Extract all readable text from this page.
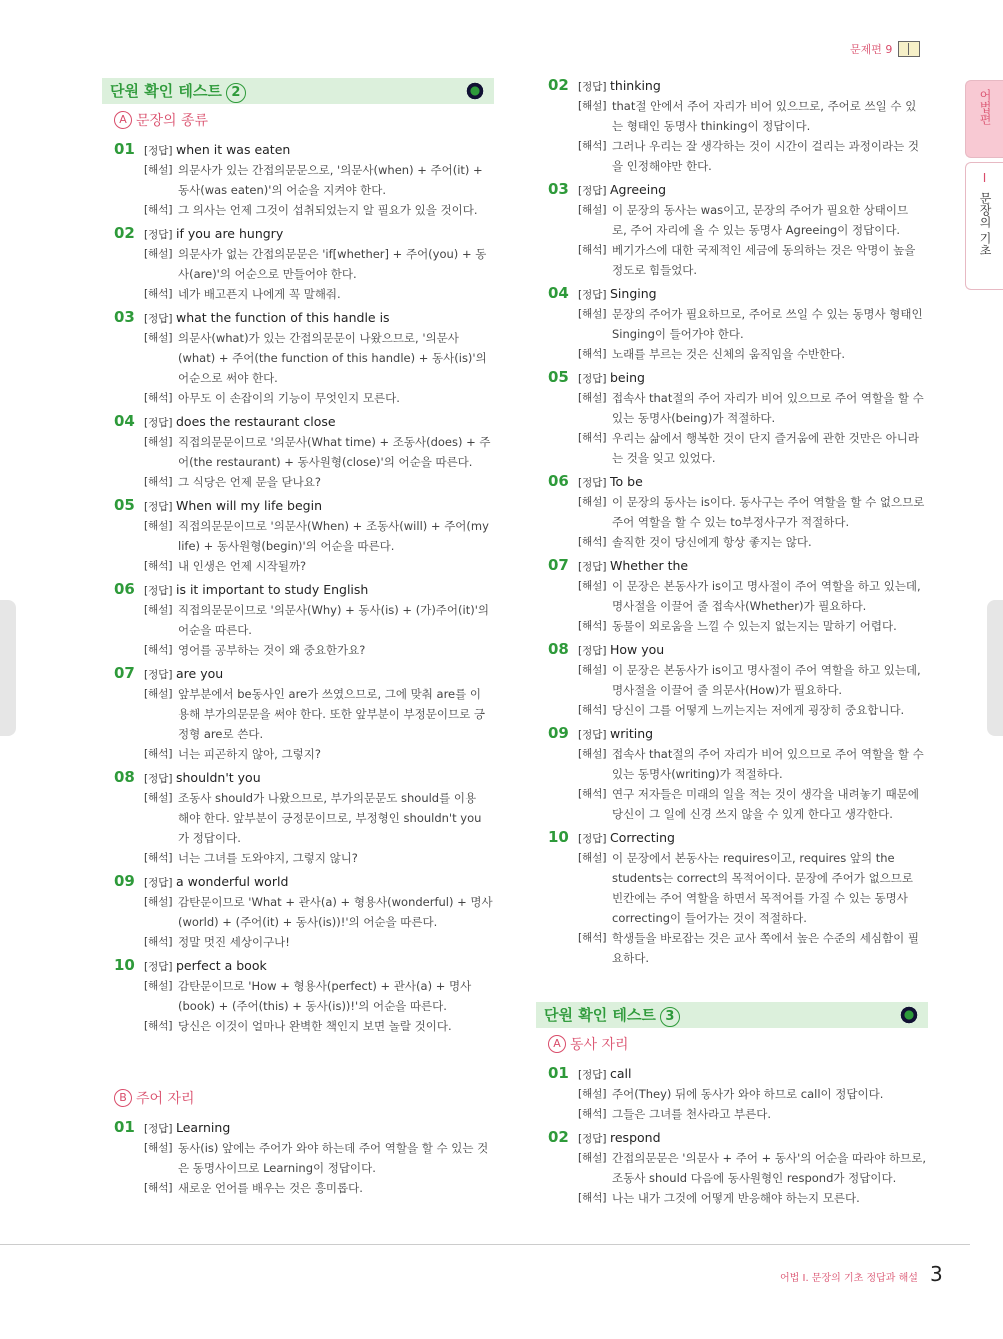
문제편 9
어법편
I
문장의 기초
단원 확인 테스트 2
A 문장의 종류
01 [정답] when it was eaten
[해설] 의문사가 있는 간접의문문으로, '의문사(when) + 주어(it) +
동사(was eaten)'의 어순을 지켜야 한다.
[해석] 그 의사는 언제 그것이 섭취되었는지 알 필요가 있을 것이다.
02 [정답] if you are hungry
[해설] 의문사가 없는 간접의문문은 'if[whether] + 주어(you) + 동
사(are)'의 어순으로 만들어야 한다.
[해석] 네가 배고픈지 나에게 꼭 말해줘.
03 [정답] what the function of this handle is
[해설] 의문사(what)가 있는 간접의문문이 나왔으므로, '의문사
(what) + 주어(the function of this handle) + 동사(is)'의
어순으로 써야 한다.
[해석] 아무도 이 손잡이의 기능이 무엇인지 모른다.
04 [정답] does the restaurant close
[해설] 직접의문문이므로 '의문사(What time) + 조동사(does) + 주
어(the restaurant) + 동사원형(close)'의 어순을 따른다.
[해석] 그 식당은 언제 문을 닫나요?
05 [정답] When will my life begin
[해설] 직접의문문이므로 '의문사(When) + 조동사(will) + 주어(my
life) + 동사원형(begin)'의 어순을 따른다.
[해석] 내 인생은 언제 시작될까?
06 [정답] is it important to study English
[해설] 직접의문문이므로 '의문사(Why) + 동사(is) + (가)주어(it)'의
어순을 따른다.
[해석] 영어를 공부하는 것이 왜 중요한가요?
07 [정답] are you
[해설] 앞부분에서 be동사인 are가 쓰였으므로, 그에 맞춰 are를 이
용해 부가의문문을 써야 한다. 또한 앞부분이 부정문이므로 긍
정형 are로 쓴다.
[해석] 너는 피곤하지 않아, 그렇지?
08 [정답] shouldn't you
[해설] 조동사 should가 나왔으므로, 부가의문문도 should를 이용
해야 한다. 앞부분이 긍정문이므로, 부정형인 shouldn't you
가 정답이다.
[해석] 너는 그녀를 도와야지, 그렇지 않니?
09 [정답] a wonderful world
[해설] 감탄문이므로 'What + 관사(a) + 형용사(wonderful) + 명사
(world) + (주어(it) + 동사(is))!'의 어순을 따른다.
[해석] 정말 멋진 세상이구나!
10 [정답] perfect a book
[해설] 감탄문이므로 'How + 형용사(perfect) + 관사(a) + 명사
(book) + (주어(this) + 동사(is))!'의 어순을 따른다.
[해석] 당신은 이것이 얼마나 완벽한 책인지 보면 놀랄 것이다.
B 주어 자리
01 [정답] Learning
[해설] 동사(is) 앞에는 주어가 와야 하는데 주어 역할을 할 수 있는 것
은 동명사이므로 Learning이 정답이다.
[해석] 새로운 언어를 배우는 것은 흥미롭다.
02 [정답] thinking
[해설] that절 안에서 주어 자리가 비어 있으므로, 주어로 쓰일 수 있
는 형태인 동명사 thinking이 정답이다.
[해석] 그러나 우리는 잘 생각하는 것이 시간이 걸리는 과정이라는 것
을 인정해야만 한다.
03 [정답] Agreeing
[해설] 이 문장의 동사는 was이고, 문장의 주어가 필요한 상태이므
로, 주어 자리에 올 수 있는 동명사 Agreeing이 정답이다.
[해석] 베기가스에 대한 국제적인 세금에 동의하는 것은 악명이 높을
정도로 힘들었다.
04 [정답] Singing
[해설] 문장의 주어가 필요하므로, 주어로 쓰일 수 있는 동명사 형태인
Singing이 들어가야 한다.
[해석] 노래를 부르는 것은 신체의 움직임을 수반한다.
05 [정답] being
[해설] 접속사 that절의 주어 자리가 비어 있으므로 주어 역할을 할 수
있는 동명사(being)가 적절하다.
[해석] 우리는 삶에서 행복한 것이 단지 즐거움에 관한 것만은 아니라
는 것을 잊고 있었다.
06 [정답] To be
[해설] 이 문장의 동사는 is이다. 동사구는 주어 역할을 할 수 없으므로
주어 역할을 할 수 있는 to부정사구가 적절하다.
[해석] 솔직한 것이 당신에게 항상 좋지는 않다.
07 [정답] Whether the
[해설] 이 문장은 본동사가 is이고 명사절이 주어 역할을 하고 있는데,
명사절을 이끌어 줄 접속사(Whether)가 필요하다.
[해석] 동물이 외로움을 느낄 수 있는지 없는지는 말하기 어렵다.
08 [정답] How you
[해설] 이 문장은 본동사가 is이고 명사절이 주어 역할을 하고 있는데,
명사절을 이끌어 줄 의문사(How)가 필요하다.
[해석] 당신이 그를 어떻게 느끼는지는 저에게 굉장히 중요합니다.
09 [정답] writing
[해설] 접속사 that절의 주어 자리가 비어 있으므로 주어 역할을 할 수
있는 동명사(writing)가 적절하다.
[해석] 연구 저자들은 미래의 일을 적는 것이 생각을 내려놓기 때문에
당신이 그 일에 신경 쓰지 않을 수 있게 한다고 생각한다.
10 [정답] Correcting
[해설] 이 문장에서 본동사는 requires이고, requires 앞의 the
students는 correct의 목적어이다. 문장에 주어가 없으므로
빈칸에는 주어 역할을 하면서 목적어를 가질 수 있는 동명사
correcting이 들어가는 것이 적절하다.
[해석] 학생들을 바로잡는 것은 교사 쪽에서 높은 수준의 세심함이 필
요하다.
단원 확인 테스트 3
A 동사 자리
01 [정답] call
[해설] 주어(They) 뒤에 동사가 와야 하므로 call이 정답이다.
[해석] 그들은 그녀를 천사라고 부른다.
02 [정답] respond
[해설] 간접의문문은 '의문사 + 주어 + 동사'의 어순을 따라야 하므로,
조동사 should 다음에 동사원형인 respond가 정답이다.
[해석] 나는 내가 그것에 어떻게 반응해야 하는지 모른다.
어법 Ⅰ. 문장의 기초 정답과 해설 3
